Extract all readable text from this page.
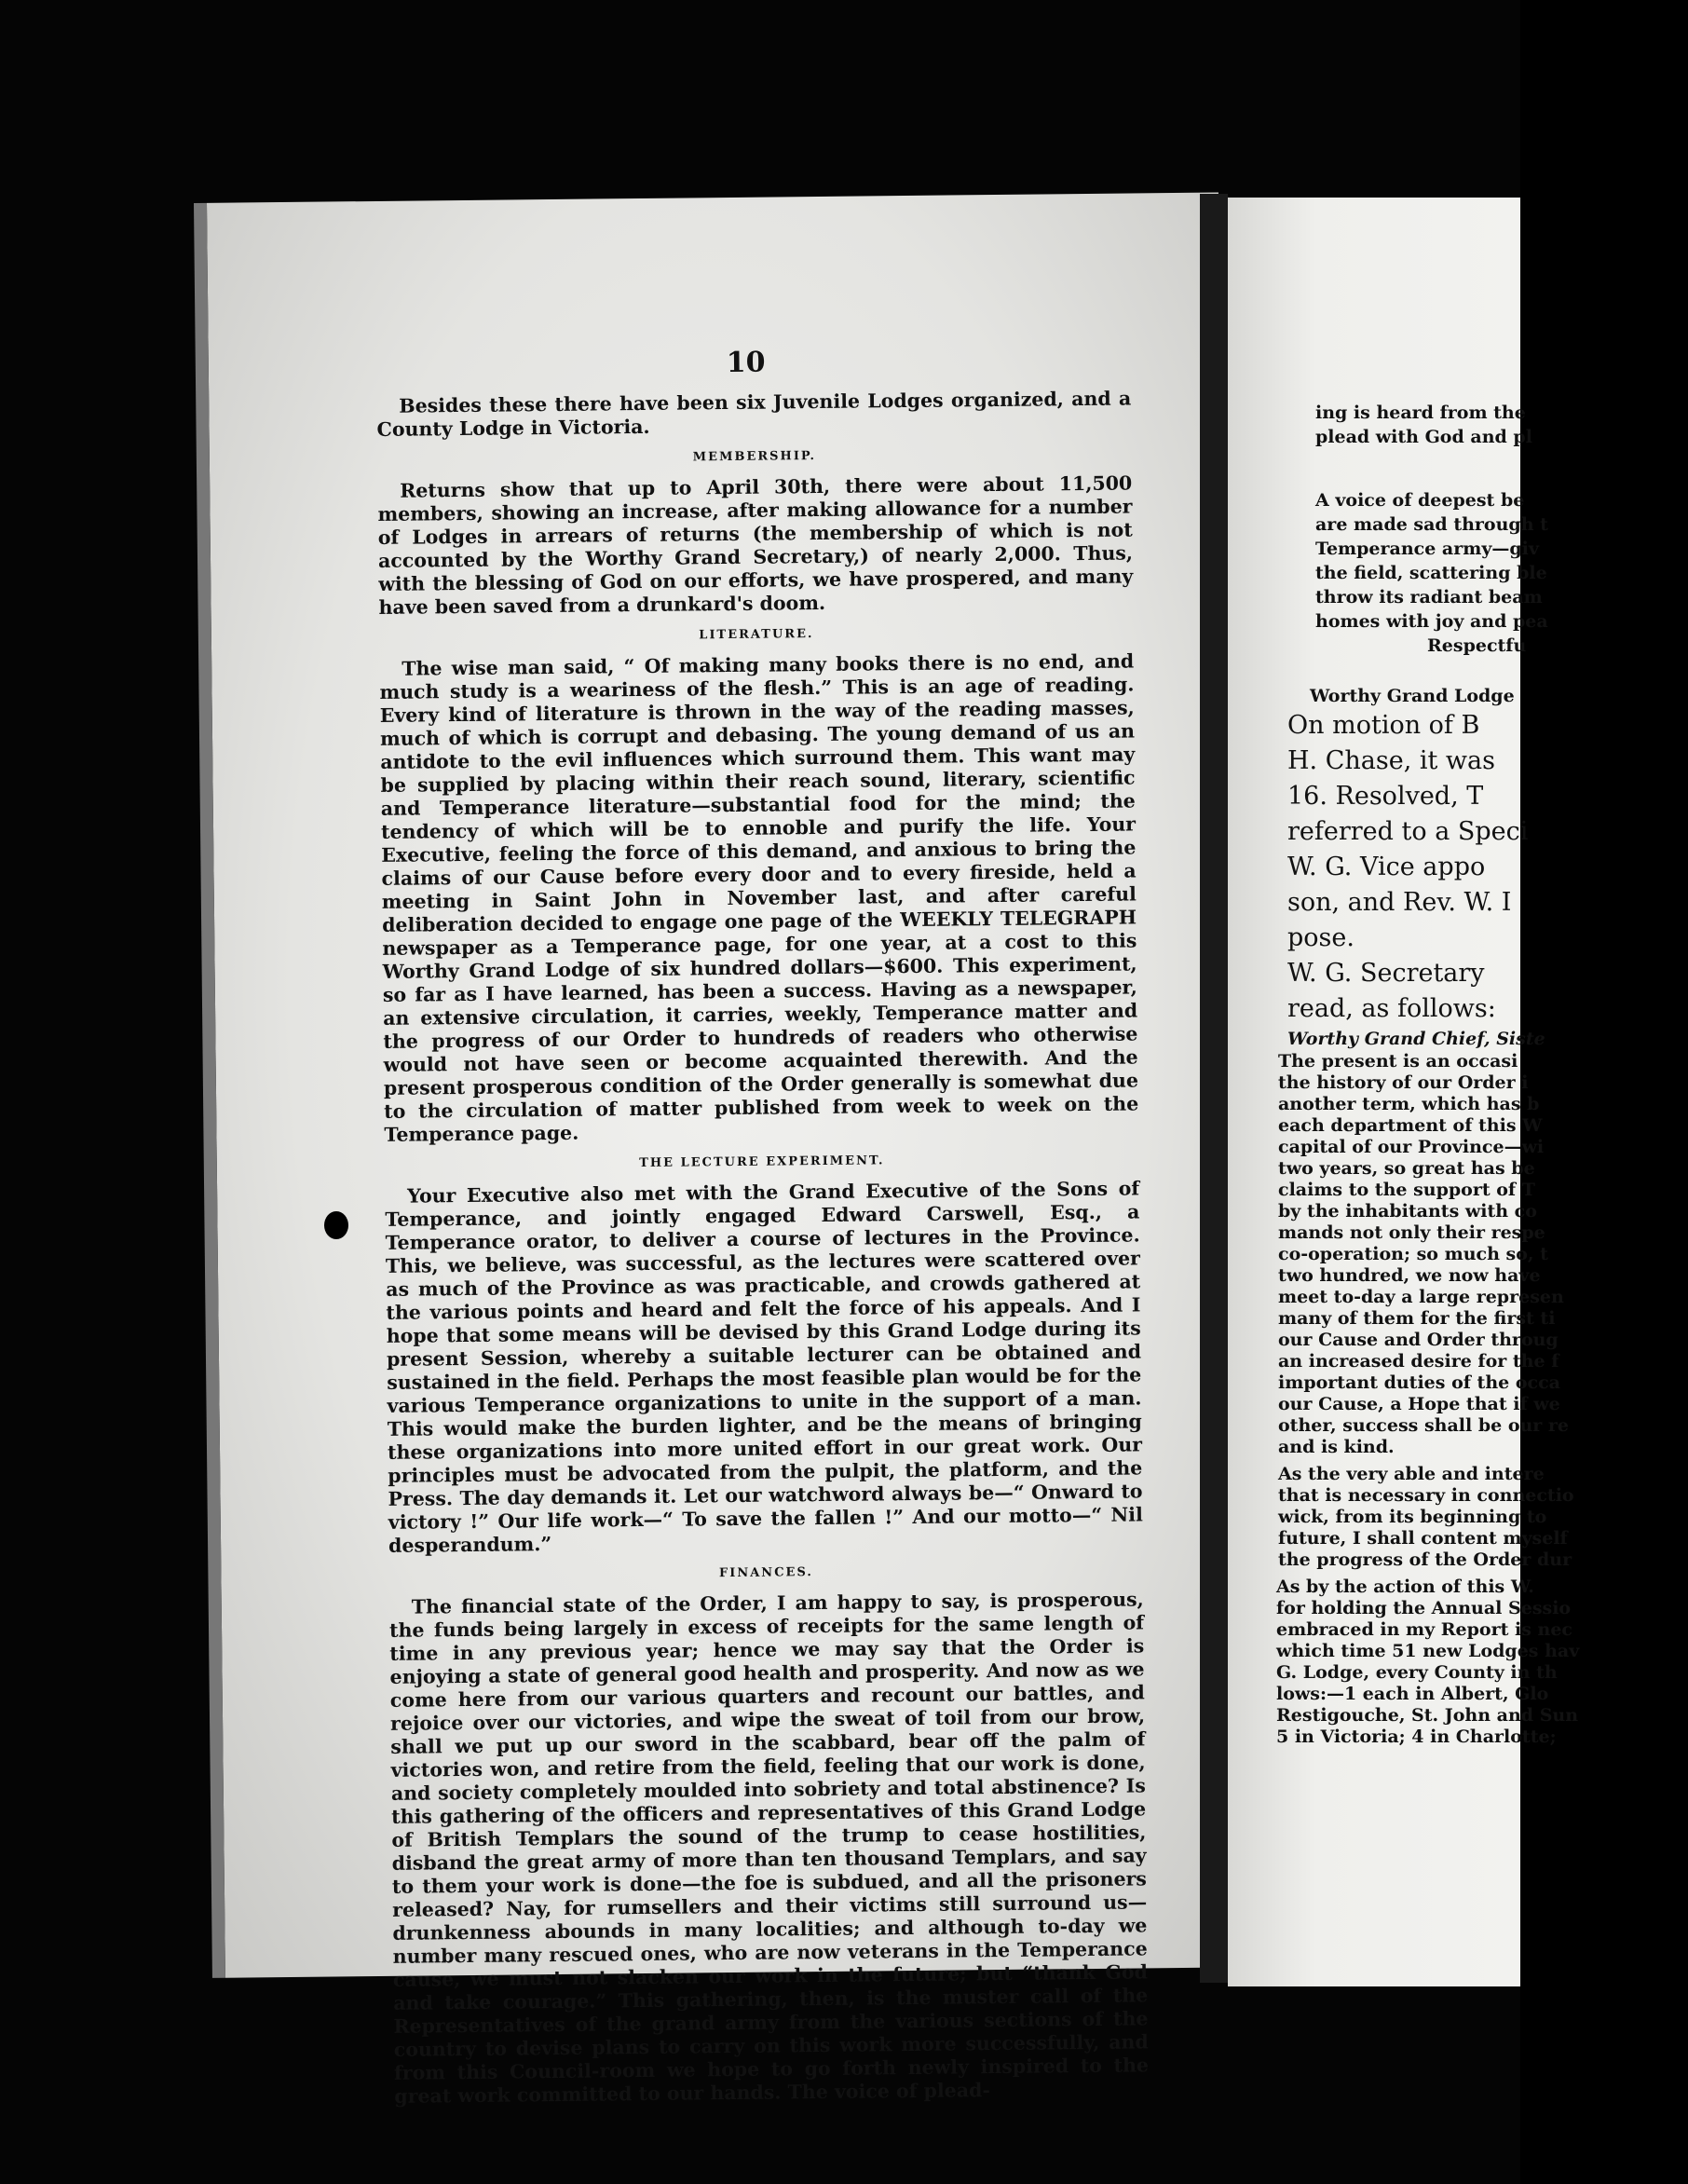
10

Besides these there have been six Juvenile Lodges organized, and a County Lodge in Victoria.

MEMBERSHIP.

Returns show that up to April 30th, there were about 11,500 members, showing an increase, after making allowance for a number of Lodges in arrears of returns (the membership of which is not accounted by the Worthy Grand Secretary,) of nearly 2,000. Thus, with the blessing of God on our efforts, we have prospered, and many have been saved from a drunkard's doom.

LITERATURE.

The wise man said, “ Of making many books there is no end, and much study is a weariness of the flesh.” This is an age of reading. Every kind of literature is thrown in the way of the reading masses, much of which is corrupt and debasing. The young demand of us an antidote to the evil influences which surround them. This want may be supplied by placing within their reach sound, literary, scientific and Temperance literature—substantial food for the mind; the tendency of which will be to ennoble and purify the life. Your Executive, feeling the force of this demand, and anxious to bring the claims of our Cause before every door and to every fireside, held a meeting in Saint John in November last, and after careful deliberation decided to engage one page of the WEEKLY TELEGRAPH newspaper as a Temperance page, for one year, at a cost to this Worthy Grand Lodge of six hundred dollars—$600. This experiment, so far as I have learned, has been a success. Having as a newspaper, an extensive circulation, it carries, weekly, Temperance matter and the progress of our Order to hundreds of readers who otherwise would not have seen or become acquainted therewith. And the present prosperous condition of the Order generally is somewhat due to the circulation of matter published from week to week on the Temperance page.

THE LECTURE EXPERIMENT.

Your Executive also met with the Grand Executive of the Sons of Temperance, and jointly engaged Edward Carswell, Esq., a Temperance orator, to deliver a course of lectures in the Province. This, we believe, was successful, as the lectures were scattered over as much of the Province as was practicable, and crowds gathered at the various points and heard and felt the force of his appeals. And I hope that some means will be devised by this Grand Lodge during its present Session, whereby a suitable lecturer can be obtained and sustained in the field. Perhaps the most feasible plan would be for the various Temperance organizations to unite in the support of a man. This would make the burden lighter, and be the means of bringing these organizations into more united effort in our great work. Our principles must be advocated from the pulpit, the platform, and the Press. The day demands it. Let our watchword always be—“ Onward to victory !” Our life work—“ To save the fallen !” And our motto—“ Nil desperandum.”

FINANCES.

The financial state of the Order, I am happy to say, is prosperous, the funds being largely in excess of receipts for the same length of time in any previous year; hence we may say that the Order is enjoying a state of general good health and prosperity. And now as we come here from our various quarters and recount our battles, and rejoice over our victories, and wipe the sweat of toil from our brow, shall we put up our sword in the scabbard, bear off the palm of victories won, and retire from the field, feeling that our work is done, and society completely moulded into sobriety and total abstinence? Is this gathering of the officers and representatives of this Grand Lodge of British Templars the sound of the trump to cease hostilities, disband the great army of more than ten thousand Templars, and say to them your work is done—the foe is subdued, and all the prisoners released? Nay, for rumsellers and their victims still surround us—drunkenness abounds in many localities; and although to-day we number many rescued ones, who are now veterans in the Temperance cause, we must not slacken our work in the future; but “thank God and take courage.” This gathering, then, is the muster call of the Representatives of the grand army from the various sections of the country to devise plans to carry on this work more successfully, and from this Council-room we hope to go forth newly inspired to the great work committed to our hands. The voice of plead-

ing is heard from the
plead with God and pl
A voice of deepest be
are made sad through t
Temperance army—giv
the field, scattering ble
throw its radiant beam
homes with joy and pea
Respectfu
Worthy Grand Lodge
On motion of B
H. Chase, it was
16. Resolved, T
referred to a Speci
W. G. Vice appo
son, and Rev. W. I
pose.
W. G. Secretary
read, as follows:
Worthy Grand Chief, Siste
The present is an occasi
the history of our Order i
another term, which has b
each department of this W
capital of our Province—wi
two years, so great has be
claims to the support of T
by the inhabitants with co
mands not only their respe
co-operation; so much so, t
two hundred, we now have
meet to-day a large represen
many of them for the first ti
our Cause and Order throug
an increased desire for the f
important duties of the occa
our Cause, a Hope that if we
other, success shall be our re
and is kind.
As the very able and intere
that is necessary in connectio
wick, from its beginning to
future, I shall content myself
the progress of the Order dur
As by the action of this W.
for holding the Annual Sessio
embraced in my Report is nec
which time 51 new Lodges hav
G. Lodge, every County in th
lows:—1 each in Albert, Glo
Restigouche, St. John and Sun
5 in Victoria; 4 in Charlotte;
